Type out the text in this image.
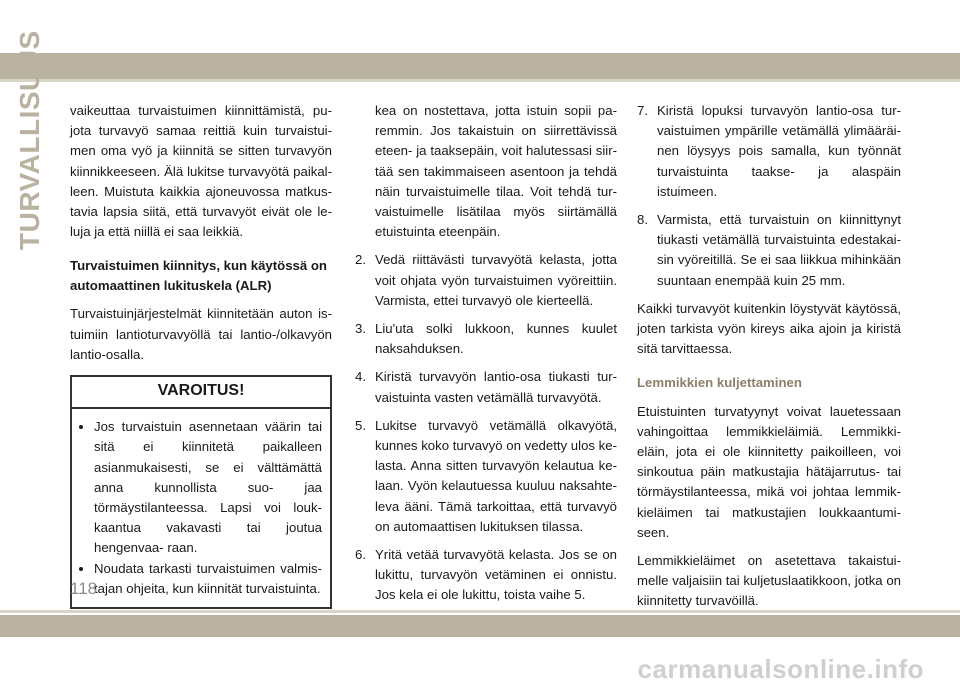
TURVALLISUUS vaikeuttaa turvaistuimen kiinnittämistä, pu- jota turvavyö samaa reittiä kuin turvaistui- men oma vyö ja kiinnitä se sitten turvavyön kiinnikkeeseen. Älä lukitse turvavyötä paikal- leen. Muistuta kaikkia ajoneuvossa matkus- tavia lapsia siitä, että turvavyöt eivät ole le- luja ja että niillä ei saa leikkiä.

Turvaistuimen kiinnitys, kun käytössä on automaattinen lukituskela (ALR)

Turvaistuinjärjestelmät kiinnitetään auton is- tuimiin lantioturvavyöllä tai lantio-/olkavyön lantio-osalla.

VAROITUS!
• Jos turvaistuin asennetaan väärin tai sitä ei kiinnitetä paikalleen asianmukaisesti, se ei välttämättä anna kunnollista suo- jaa törmäystilanteessa. Lapsi voi louk- kaantua vakavasti tai joutua hengenvaa- raan.
• Noudata tarkasti turvaistuimen valmis- tajan ohjeita, kun kiinnität turvaistuinta.

kea on nostettava, jotta istuin sopii pa- remmin. Jos takaistuin on siirrettävissä eteen- ja taaksepäin, voit halutessasi siir- tää sen takimmaiseen asentoon ja tehdä näin turvaistuimelle tilaa. Voit tehdä tur- vaistuimelle lisätilaa myös siirtämällä etuistuinta eteenpäin.

2. Vedä riittävästi turvavyötä kelasta, jotta voit ohjata vyön turvaistuimen vyöreittiin. Varmista, ettei turvavyö ole kierteellä.
3. Liu'uta solki lukkoon, kunnes kuulet naksahduksen.
4. Kiristä turvavyön lantio-osa tiukasti tur- vaistuinta vasten vetämällä turvavyötä.
5. Lukitse turvavyö vetämällä olkavyötä, kunnes koko turvavyö on vedetty ulos ke- lasta. Anna sitten turvavyön kelautua ke- laan. Vyön kelautuessa kuuluu naksahte- leva ääni. Tämä tarkoittaa, että turvavyö on automaattisen lukituksen tilassa.
6. Yritä vetää turvavyötä kelasta. Jos se on lukittu, turvavyön vetäminen ei onnistu. Jos kela ei ole lukittu, toista vaihe 5.
7. Kiristä lopuksi turvavyön lantio-osa tur- vaistuimen ympärille vetämällä ylimääräi- nen löysyys pois samalla, kun työnnät turvaistuinta taakse- ja alaspäin istuimeen.
8. Varmista, että turvaistuin on kiinnittynyt tiukasti vetämällä turvaistuinta edestakai- sin vyöreitillä. Se ei saa liikkua mihinkään suuntaan enempää kuin 25 mm.

Kaikki turvavyöt kuitenkin löystyvät käytössä, joten tarkista vyön kireys aika ajoin ja kiristä sitä tarvittaessa.

Lemmikkien kuljettaminen

Etuistuinten turvatyynyt voivat lauetessaan vahingoittaa lemmikkieläimiä. Lemmikki- eläin, jota ei ole kiinnitetty paikoilleen, voi sinkoutua päin matkustajia hätäjarrutus- tai törmäystilanteessa, mikä voi johtaa lemmik- kieläimen tai matkustajien loukkaantumi- seen.

Lemmikkieläimet on asetettava takaistui- melle valjaisiin tai kuljetuslaatikkoon, jotka on kiinnitetty turvavöillä.

118
carmanualsonline.info
